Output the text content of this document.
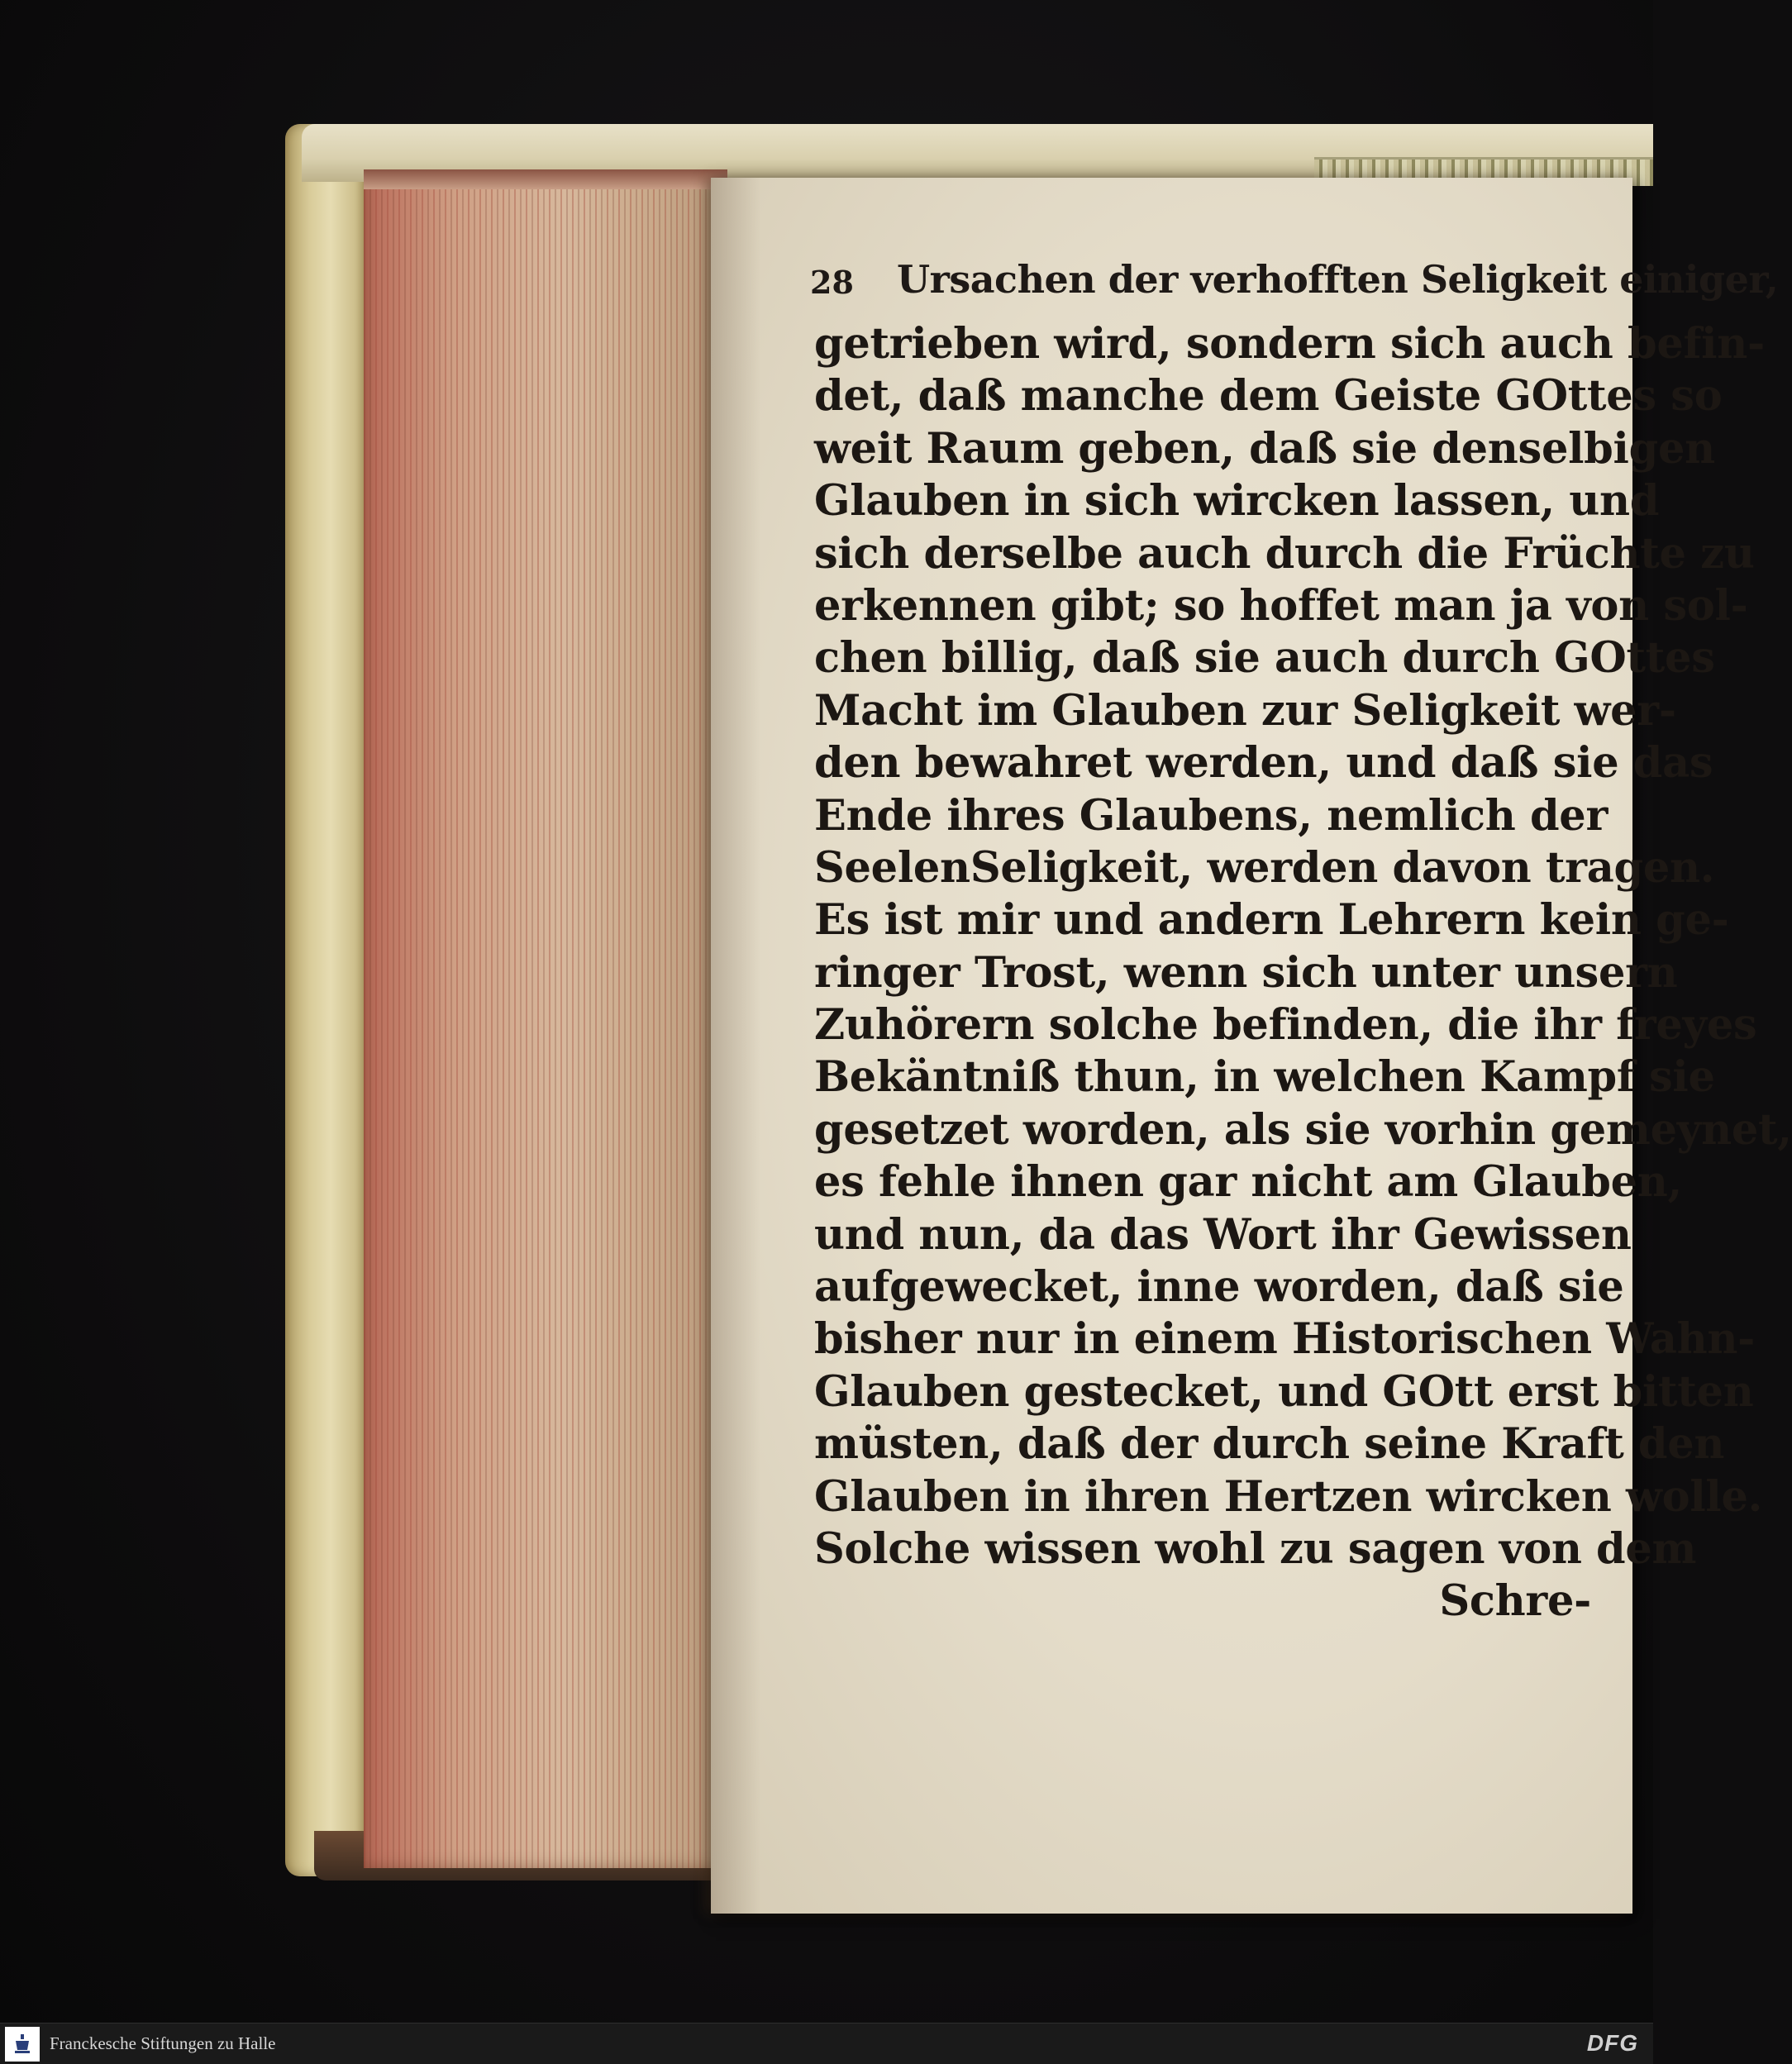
28 Ursachen der verhofften Seligkeit einiger,
getrieben wird, sondern sich auch befin-
det, daß manche dem Geiste GOttes so
weit Raum geben, daß sie denselbigen
Glauben in sich wircken lassen, und
sich derselbe auch durch die Früchte zu
erkennen gibt; so hoffet man ja von sol-
chen billig, daß sie auch durch GOttes
Macht im Glauben zur Seligkeit wer-
den bewahret werden, und daß sie das
Ende ihres Glaubens, nemlich der
SeelenSeligkeit, werden davon tragen.
Es ist mir und andern Lehrern kein ge-
ringer Trost, wenn sich unter unsern
Zuhörern solche befinden, die ihr freyes
Bekäntniß thun, in welchen Kampf sie
gesetzet worden, als sie vorhin gemeynet,
es fehle ihnen gar nicht am Glauben,
und nun, da das Wort ihr Gewissen
aufgewecket, inne worden, daß sie
bisher nur in einem Historischen Wahn-
Glauben gestecket, und GOtt erst bitten
müsten, daß der durch seine Kraft den
Glauben in ihren Hertzen wircken wolle.
Solche wissen wohl zu sagen von dem
Schre-
Franckesche Stiftungen zu Halle	DFG
